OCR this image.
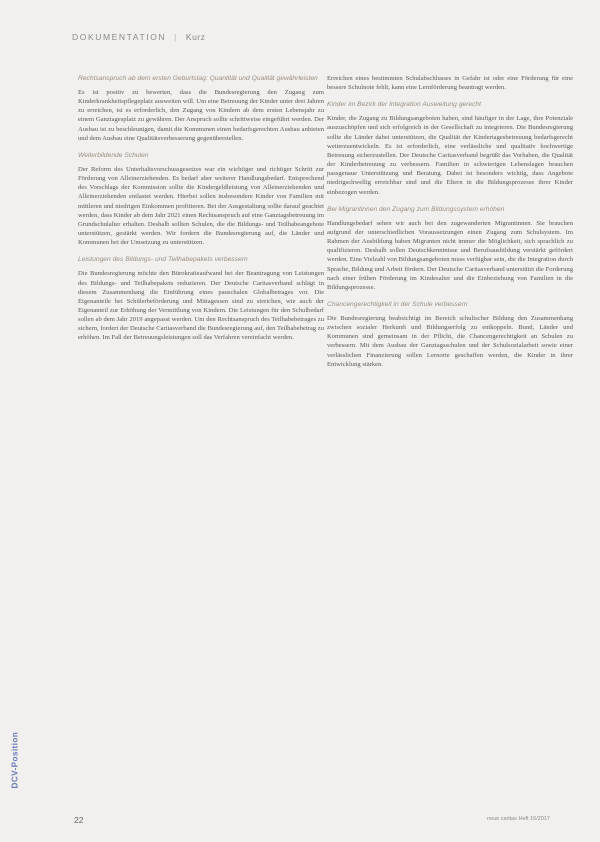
DOKUMENTATION | Kurz

Rechtsanspruch ab dem ersten Geburtstag: Quantität und Qualität gewährleisten

Es ist positiv zu bewerten, dass die Bundesregierung den Zugang zum Kinderkrankheitspflegeplatz ausweiten will. Um eine Betreuung der Kinder unter drei Jahren zu erreichen, ist es erforderlich, den Zugang von Kindern ab dem ersten Lebensjahr zu einem Ganztagesplatz zu gewähren. Der Anspruch sollte schrittweise eingeführt werden. Der Ausbau ist zu beschleunigen, damit die Kommunen einen bedarfsgerechten Ausbau anbieten und dem Ausbau eine Qualitätsverbesserung gegenüberstellen.

Weiterbildende Schulen

Der Reform des Unterhaltsvorschussgesetzes war ein wichtiger und richtiger Schritt zur Förderung von Alleinerziehenden. Es bedarf aber weiterer Handlungsbedarf. Entsprechend des Vorschlags der Kommission sollte die Kindergeldleistung von Alleinerziehenden und Alleinerziehenden entlastet werden. Hierbei sollen insbesondere Kinder von Familien mit mittleren und niedrigen Einkommen profitieren. Bei der Ausgestaltung sollte darauf geachtet werden, dass Kinder ab dem Jahr 2021 einen Rechtsanspruch auf eine Ganztagsbetreuung im Grundschulalter erhalten. Deshalb sollten Schulen, die die Bildungs- und Teilhabeangebote unterstützen, gestärkt werden. Wir fordern die Bundesregierung auf, die Länder und Kommunen bei der Umsetzung zu unterstützen.

Leistungen des Bildungs- und Teilhabepakets verbessern

Die Bundesregierung möchte den Bürokratieaufwand bei der Beantragung von Leistungen des Bildungs- und Teilhabepakets reduzieren. Der Deutsche Caritasverband schlägt in diesem Zusammenhang die Einführung eines pauschalen Globalbetrages vor. Die Eigenanteile bei Schülerbeförderung und Mittagessen sind zu streichen, wie auch der Eigenanteil zur Erhöhung der Vermittlung von Kindern. Die Leistungen für den Schulbedarf sollen ab dem Jahr 2019 angepasst werden. Um den Rechtsanspruch des Teilhabebetrages zu sichern, fordert der Deutsche Caritasverband die Bundesregierung auf, den Teilhabebetrag zu erhöhen. Im Fall der Betreuungsleistungen soll das Verfahren vereinfacht werden.

Erreichen eines bestimmten Schulabschlusses in Gefahr ist oder eine Förderung für eine bessere Schulnote fehlt, kann eine Lernförderung beantragt werden.

Kinder im Bezirk der Integration Ausweitung gerecht

Kinder, die Zugang zu Bildungsangeboten haben, sind häufiger in der Lage, ihre Potenziale auszuschöpfen und sich erfolgreich in der Gesellschaft zu integrieren. Die Bundesregierung sollte die Länder dabei unterstützen, die Qualität der Kindertagesbetreuung bedarfsgerecht weiterzuentwickeln. Es ist erforderlich, eine verlässliche und qualitativ hochwertige Betreuung sicherzustellen. Der Deutsche Caritasverband begrüßt das Vorhaben, die Qualität der Kinderbetreuung zu verbessern. Familien in schwierigen Lebenslagen brauchen passgenaue Unterstützung und Beratung. Dabei ist besonders wichtig, dass Angebote niedrigschwellig erreichbar sind und die Eltern in die Bildungsprozesse ihrer Kinder einbezogen werden.

Bei Migrantinnen den Zugang zum Bildungssystem erhöhen

Handlungsbedarf sehen wir auch bei den zugewanderten Migrantinnen. Sie brauchen aufgrund der unterschiedlichen Voraussetzungen einen Zugang zum Schulsystem. Im Rahmen der Ausbildung haben Migranten nicht immer die Möglichkeit, sich sprachlich zu qualifizieren. Deshalb sollen Deutschkenntnisse und Berufsausbildung verstärkt gefördert werden. Eine Vielzahl von Bildungsangeboten muss verfügbar sein, die die Integration durch Sprache, Bildung und Arbeit fördern. Der Deutsche Caritasverband unterstützt die Forderung nach einer frühen Förderung im Kindesalter und die Einbeziehung von Familien in die Bildungsprozesse.

Chancengerechtigkeit in der Schule verbessern

Die Bundesregierung beabsichtigt im Bereich schulischer Bildung den Zusammenhang zwischen sozialer Herkunft und Bildungserfolg zu entkoppeln. Bund, Länder und Kommunen sind gemeinsam in der Pflicht, die Chancengerechtigkeit an Schulen zu verbessern. Mit dem Ausbau der Ganztagsschulen und der Schulsozialarbeit sowie einer verlässlichen Finanzierung sollen Lernorte geschaffen werden, die Kinder in ihrer Entwicklung stärken.

DCV-Position
22	neue caritas Heft 16/2017
